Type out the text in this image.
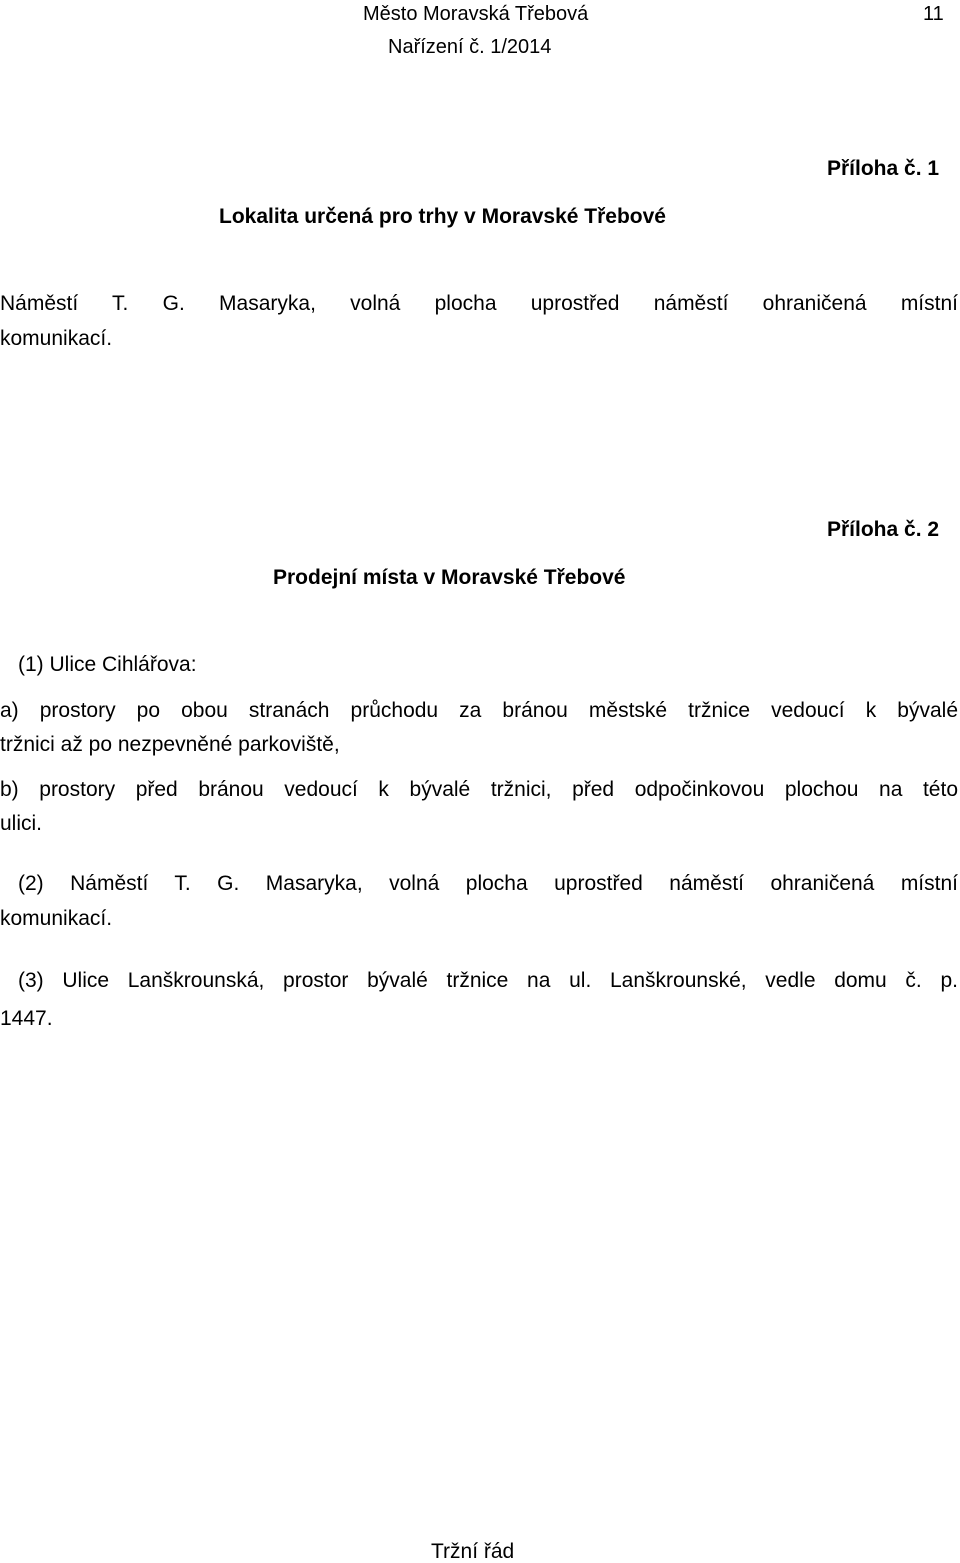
Město Moravská Třebová	11
Nařízení č. 1/2014
Příloha č. 1
Lokalita určená pro trhy v Moravské Třebové
Náměstí T. G. Masaryka, volná plocha uprostřed náměstí ohraničená místní
komunikací.
Příloha č. 2
Prodejní místa v Moravské Třebové
(1) Ulice Cihlářova:
a) prostory po obou stranách průchodu za bránou městské tržnice vedoucí k bývalé
tržnici až po nezpevněné parkoviště,
b) prostory před bránou vedoucí k bývalé tržnici, před odpočinkovou plochou na této
ulici.
(2) Náměstí T. G. Masaryka, volná plocha uprostřed náměstí ohraničená místní
komunikací.
(3) Ulice Lanškrounská, prostor bývalé tržnice na ul. Lanškrounské, vedle domu č. p.
1447.
Tržní řád
